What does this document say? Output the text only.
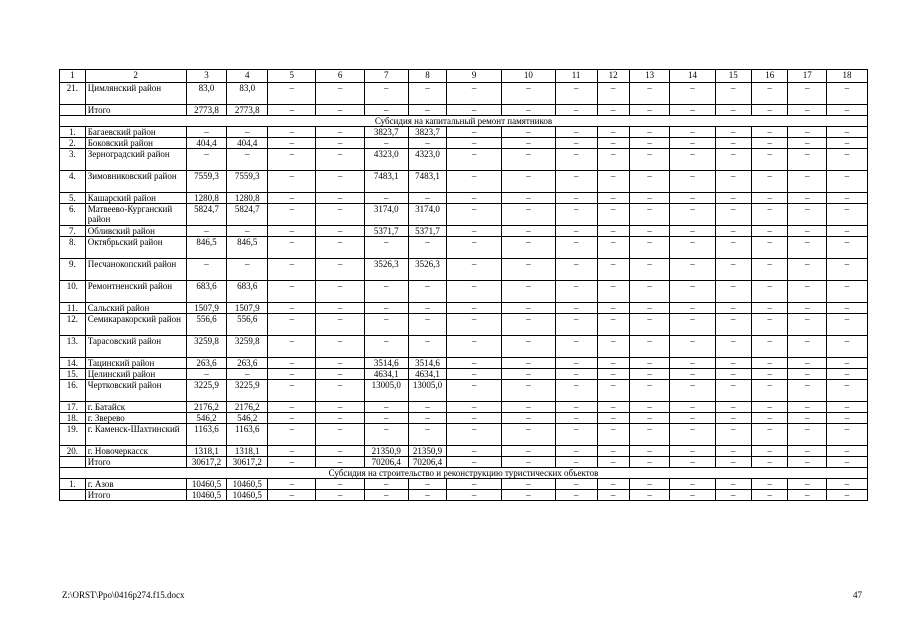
1	2	3	4	5	6	7	8	9	10	11	12	13	14	15	16	17	18
21.	Цимлянский район	83,0	83,0	–	–	–	–	–	–	–	–	–	–	–	–	–	–
	Итого	2773,8	2773,8	–	–	–	–	–	–	–	–	–	–	–	–	–	–
Субсидия на капитальный ремонт памятников																	
1.	Багаевский район	–	–	–	–	3823,7	3823,7	–	–	–	–	–	–	–	–	–	–
2.	Боковский район	404,4	404,4	–	–	–	–	–	–	–	–	–	–	–	–	–	–
3.	Зерноградский район	–	–	–	–	4323,0	4323,0	–	–	–	–	–	–	–	–	–	–
4.	Зимовниковский район	7559,3	7559,3	–	–	7483,1	7483,1	–	–	–	–	–	–	–	–	–	–
5.	Кашарский район	1280,8	1280,8	–	–	–	–	–	–	–	–	–	–	–	–	–	–
6.	Матвеево-Курганский район	5824,7	5824,7	–	–	3174,0	3174,0	–	–	–	–	–	–	–	–	–	–
7.	Обливский район	–	–	–	–	5371,7	5371,7	–	–	–	–	–	–	–	–	–	–
8.	Октябрьский район	846,5	846,5	–	–	–	–	–	–	–	–	–	–	–	–	–	–
9.	Песчанокопский район	–	–	–	–	3526,3	3526,3	–	–	–	–	–	–	–	–	–	–
10.	Ремонтненский район	683,6	683,6	–	–	–	–	–	–	–	–	–	–	–	–	–	–
11.	Сальский район	1507,9	1507,9	–	–	–	–	–	–	–	–	–	–	–	–	–	–
12.	Семикаракорский район	556,6	556,6	–	–	–	–	–	–	–	–	–	–	–	–	–	–
13.	Тарасовский район	3259,8	3259,8	–	–	–	–	–	–	–	–	–	–	–	–	–	–
14.	Тацинский район	263,6	263,6	–	–	3514,6	3514,6	–	–	–	–	–	–	–	–	–	–
15.	Целинский район	–	–	–	–	4634,1	4634,1	–	–	–	–	–	–	–	–	–	–
16.	Чертковский район	3225,9	3225,9	–	–	13005,0	13005,0	–	–	–	–	–	–	–	–	–	–
17.	г. Батайск	2176,2	2176,2	–	–	–	–	–	–	–	–	–	–	–	–	–	–
18.	г. Зверево	546,2	546,2	–	–	–	–	–	–	–	–	–	–	–	–	–	–
19.	г. Каменск-Шахтинский	1163,6	1163,6	–	–	–	–	–	–	–	–	–	–	–	–	–	–
20.	г. Новочеркасск	1318,1	1318,1	–	–	21350,9	21350,9	–	–	–	–	–	–	–	–	–	–
	Итого	30617,2	30617,2	–	–	70206,4	70206,4	–	–	–	–	–	–	–	–	–	–
Субсидия на строительство и реконструкцию туристических объектов																	
1.	г. Азов	10460,5	10460,5	–	–	–	–	–	–	–	–	–	–	–	–	–	–
	Итого	10460,5	10460,5	–	–	–	–	–	–	–	–	–	–	–	–	–	–
Z:\ORST\Ppo\0416p274.f15.docx	47
